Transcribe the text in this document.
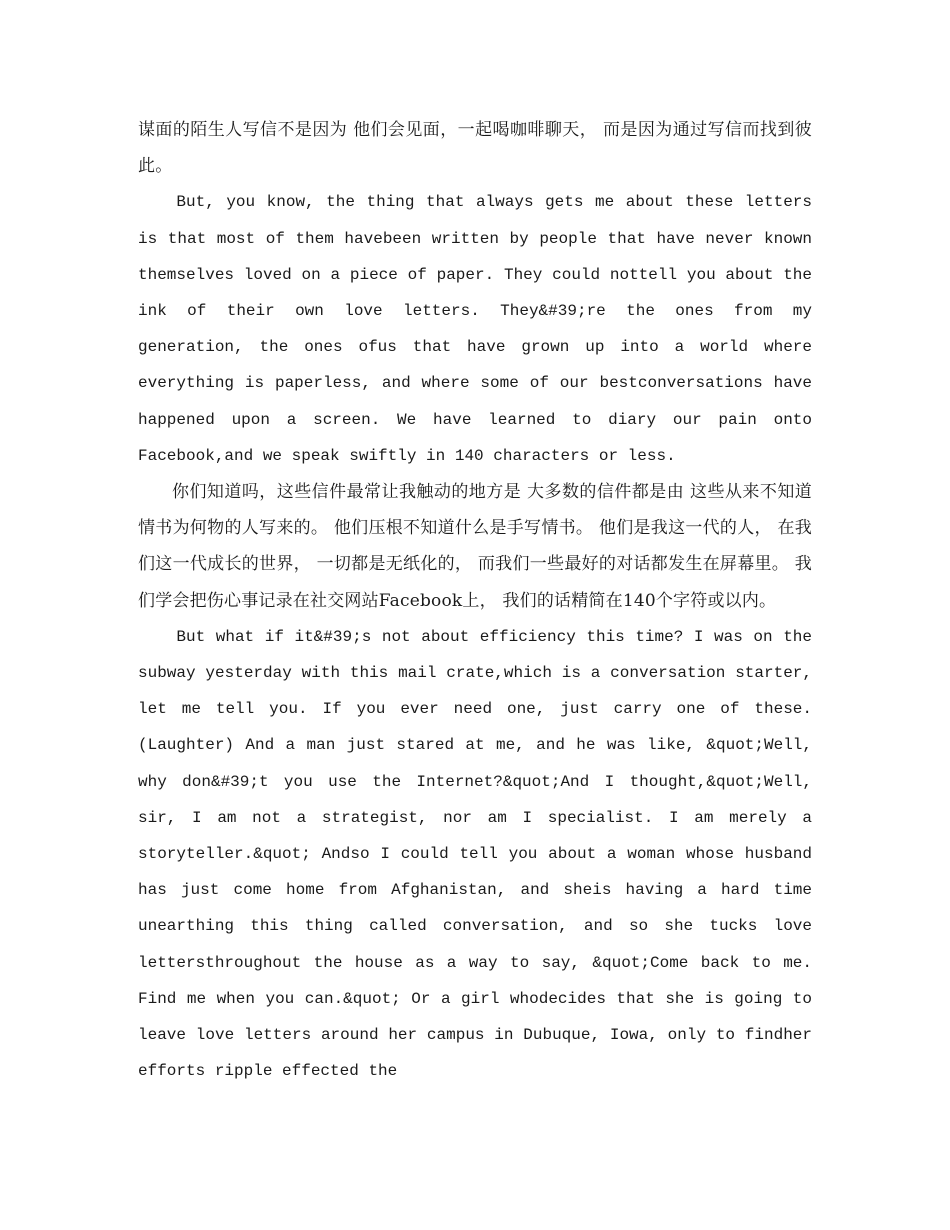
谋面的陌生人写信不是因为 他们会见面，一起喝咖啡聊天， 而是因为通过写信而找到彼此。

But, you know, the thing that always gets me about these letters is that most of them havebeen written by people that have never known themselves loved on a piece of paper. They could nottell you about the ink of their own love letters. They&#39;re the ones from my generation, the ones ofus that have grown up into a world where everything is paperless, and where some of our bestconversations have happened upon a screen. We have learned to diary our pain onto Facebook,and we speak swiftly in 140 characters or less.

你们知道吗，这些信件最常让我触动的地方是 大多数的信件都是由 这些从来不知道情书为何物的人写来的。 他们压根不知道什么是手写情书。 他们是我这一代的人， 在我们这一代成长的世界， 一切都是无纸化的， 而我们一些最好的对话都发生在屏幕里。 我们学会把伤心事记录在社交网站Facebook上， 我们的话精简在140个字符或以内。

But what if it&#39;s not about efficiency this time? I was on the subway yesterday with this mail crate,which is a conversation starter, let me tell you. If you ever need one, just carry one of these. (Laughter) And a man just stared at me, and he was like, &quot;Well, why don&#39;t you use the Internet?&quot;And I thought,&quot;Well, sir, I am not a strategist, nor am I specialist. I am merely a storyteller.&quot; Andso I could tell you about a woman whose husband has just come home from Afghanistan, and sheis having a hard time unearthing this thing called conversation, and so she tucks love lettersthroughout the house as a way to say, &quot;Come back to me. Find me when you can.&quot; Or a girl whodecides that she is going to leave love letters around her campus in Dubuque, Iowa, only to findher efforts ripple effected the
